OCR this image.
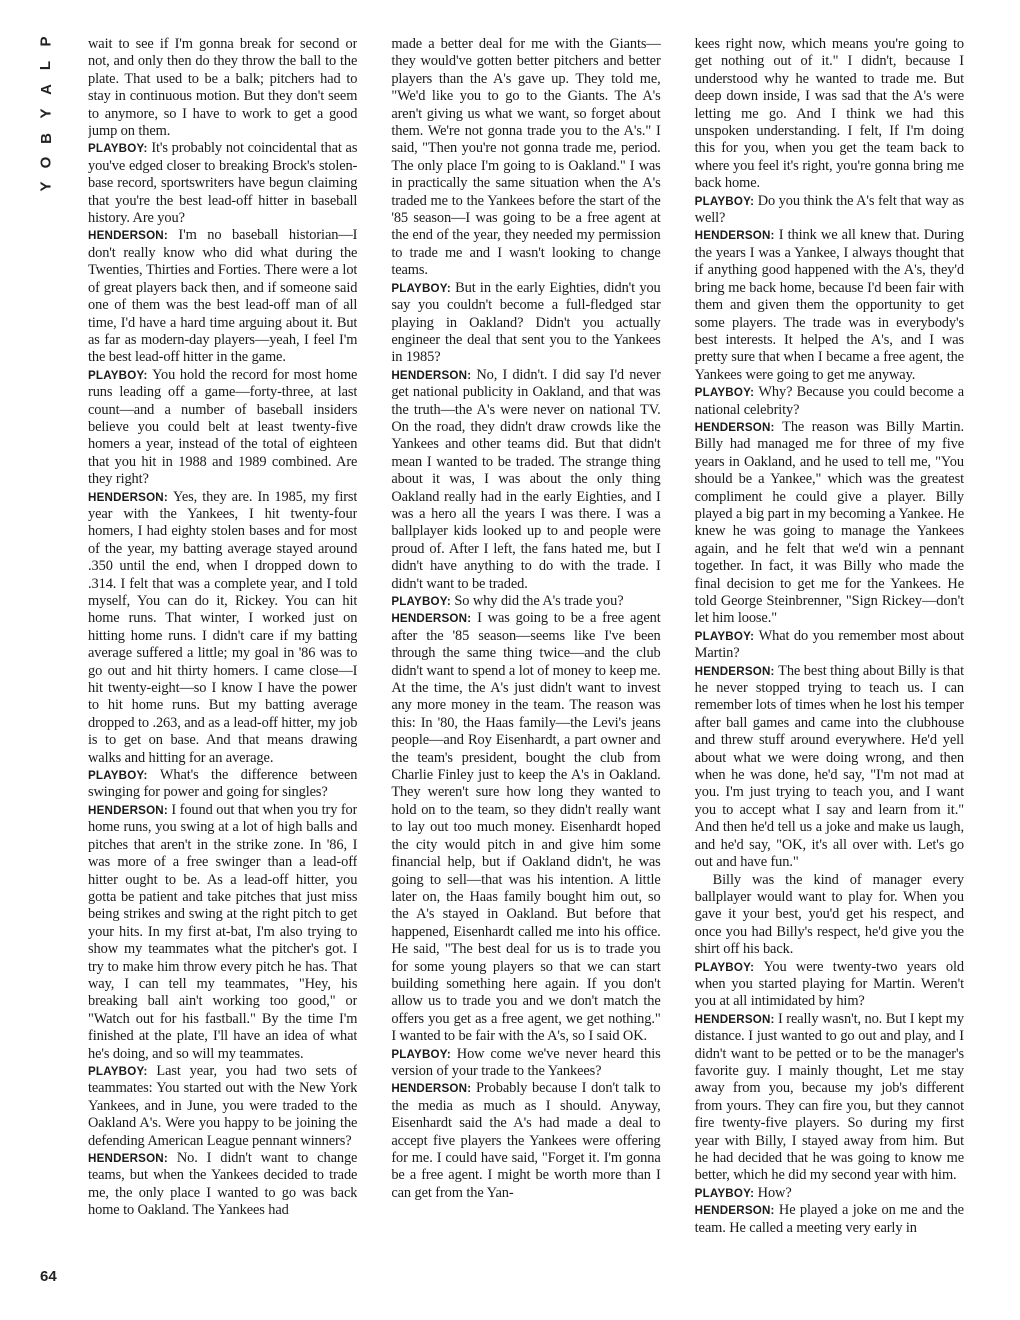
P
L
A
Y
B
O
Y

wait to see if I'm gonna break for second or not, and only then do they throw the ball to the plate. That used to be a balk; pitchers had to stay in continuous motion. But they don't seem to anymore, so I have to work to get a good jump on them.

PLAYBOY: It's probably not coincidental that as you've edged closer to breaking Brock's stolen-base record, sportswriters have begun claiming that you're the best lead-off hitter in baseball history. Are you?

HENDERSON: I'm no baseball historian—I don't really know who did what during the Twenties, Thirties and Forties. There were a lot of great players back then, and if someone said one of them was the best lead-off man of all time, I'd have a hard time arguing about it. But as far as modern-day players—yeah, I feel I'm the best lead-off hitter in the game.

PLAYBOY: You hold the record for most home runs leading off a game—forty-three, at last count—and a number of baseball insiders believe you could belt at least twenty-five homers a year, instead of the total of eighteen that you hit in 1988 and 1989 combined. Are they right?

HENDERSON: Yes, they are. In 1985, my first year with the Yankees, I hit twenty-four homers, I had eighty stolen bases and for most of the year, my batting average stayed around .350 until the end, when I dropped down to .314. I felt that was a complete year, and I told myself, You can do it, Rickey. You can hit home runs. That winter, I worked just on hitting home runs. I didn't care if my batting average suffered a little; my goal in '86 was to go out and hit thirty homers. I came close—I hit twenty-eight—so I know I have the power to hit home runs. But my batting average dropped to .263, and as a lead-off hitter, my job is to get on base. And that means drawing walks and hitting for an average.

PLAYBOY: What's the difference between swinging for power and going for singles?

HENDERSON: I found out that when you try for home runs, you swing at a lot of high balls and pitches that aren't in the strike zone. In '86, I was more of a free swinger than a lead-off hitter ought to be. As a lead-off hitter, you gotta be patient and take pitches that just miss being strikes and swing at the right pitch to get your hits. In my first at-bat, I'm also trying to show my teammates what the pitcher's got. I try to make him throw every pitch he has. That way, I can tell my teammates, "Hey, his breaking ball ain't working too good," or "Watch out for his fastball." By the time I'm finished at the plate, I'll have an idea of what he's doing, and so will my teammates.

PLAYBOY: Last year, you had two sets of teammates: You started out with the New York Yankees, and in June, you were traded to the Oakland A's. Were you happy to be joining the defending American League pennant winners?

HENDERSON: No. I didn't want to change teams, but when the Yankees decided to trade me, the only place I wanted to go was back home to Oakland. The Yankees had

made a better deal for me with the Giants—they would've gotten better pitchers and better players than the A's gave up. They told me, "We'd like you to go to the Giants. The A's aren't giving us what we want, so forget about them. We're not gonna trade you to the A's." I said, "Then you're not gonna trade me, period. The only place I'm going to is Oakland." I was in practically the same situation when the A's traded me to the Yankees before the start of the '85 season—I was going to be a free agent at the end of the year, they needed my permission to trade me and I wasn't looking to change teams.

PLAYBOY: But in the early Eighties, didn't you say you couldn't become a full-fledged star playing in Oakland? Didn't you actually engineer the deal that sent you to the Yankees in 1985?

HENDERSON: No, I didn't. I did say I'd never get national publicity in Oakland, and that was the truth—the A's were never on national TV. On the road, they didn't draw crowds like the Yankees and other teams did. But that didn't mean I wanted to be traded. The strange thing about it was, I was about the only thing Oakland really had in the early Eighties, and I was a hero all the years I was there. I was a ballplayer kids looked up to and people were proud of. After I left, the fans hated me, but I didn't have anything to do with the trade. I didn't want to be traded.

PLAYBOY: So why did the A's trade you?

HENDERSON: I was going to be a free agent after the '85 season—seems like I've been through the same thing twice—and the club didn't want to spend a lot of money to keep me. At the time, the A's just didn't want to invest any more money in the team. The reason was this: In '80, the Haas family—the Levi's jeans people—and Roy Eisenhardt, a part owner and the team's president, bought the club from Charlie Finley just to keep the A's in Oakland. They weren't sure how long they wanted to hold on to the team, so they didn't really want to lay out too much money. Eisenhardt hoped the city would pitch in and give him some financial help, but if Oakland didn't, he was going to sell—that was his intention. A little later on, the Haas family bought him out, so the A's stayed in Oakland. But before that happened, Eisenhardt called me into his office. He said, "The best deal for us is to trade you for some young players so that we can start building something here again. If you don't allow us to trade you and we don't match the offers you get as a free agent, we get nothing." I wanted to be fair with the A's, so I said OK.

PLAYBOY: How come we've never heard this version of your trade to the Yankees?

HENDERSON: Probably because I don't talk to the media as much as I should. Anyway, Eisenhardt said the A's had made a deal to accept five players the Yankees were offering for me. I could have said, "Forget it. I'm gonna be a free agent. I might be worth more than I can get from the Yan-

kees right now, which means you're going to get nothing out of it." I didn't, because I understood why he wanted to trade me. But deep down inside, I was sad that the A's were letting me go. And I think we had this unspoken understanding. I felt, If I'm doing this for you, when you get the team back to where you feel it's right, you're gonna bring me back home.

PLAYBOY: Do you think the A's felt that way as well?

HENDERSON: I think we all knew that. During the years I was a Yankee, I always thought that if anything good happened with the A's, they'd bring me back home, because I'd been fair with them and given them the opportunity to get some players. The trade was in everybody's best interests. It helped the A's, and I was pretty sure that when I became a free agent, the Yankees were going to get me anyway.

PLAYBOY: Why? Because you could become a national celebrity?

HENDERSON: The reason was Billy Martin. Billy had managed me for three of my five years in Oakland, and he used to tell me, "You should be a Yankee," which was the greatest compliment he could give a player. Billy played a big part in my becoming a Yankee. He knew he was going to manage the Yankees again, and he felt that we'd win a pennant together. In fact, it was Billy who made the final decision to get me for the Yankees. He told George Steinbrenner, "Sign Rickey—don't let him loose."

PLAYBOY: What do you remember most about Martin?

HENDERSON: The best thing about Billy is that he never stopped trying to teach us. I can remember lots of times when he lost his temper after ball games and came into the clubhouse and threw stuff around everywhere. He'd yell about what we were doing wrong, and then when he was done, he'd say, "I'm not mad at you. I'm just trying to teach you, and I want you to accept what I say and learn from it." And then he'd tell us a joke and make us laugh, and he'd say, "OK, it's all over with. Let's go out and have fun."

Billy was the kind of manager every ballplayer would want to play for. When you gave it your best, you'd get his respect, and once you had Billy's respect, he'd give you the shirt off his back.

PLAYBOY: You were twenty-two years old when you started playing for Martin. Weren't you at all intimidated by him?

HENDERSON: I really wasn't, no. But I kept my distance. I just wanted to go out and play, and I didn't want to be petted or to be the manager's favorite guy. I mainly thought, Let me stay away from you, because my job's different from yours. They can fire you, but they cannot fire twenty-five players. So during my first year with Billy, I stayed away from him. But he had decided that he was going to know me better, which he did my second year with him.

PLAYBOY: How?

HENDERSON: He played a joke on me and the team. He called a meeting very early in

64
